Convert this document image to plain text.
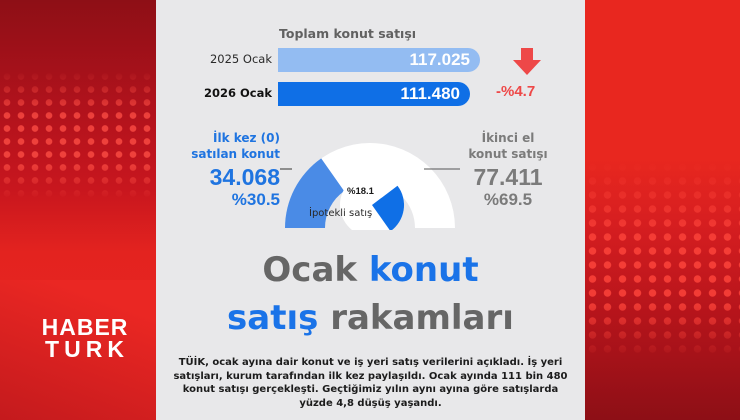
HABER
TURK
Toplam konut satışı
2025 Ocak	117.025
2026 Ocak	111.480	-%4.7
%18.1
İpotekli satış
İlk kez (0)
satılan konut
34.068
%30.5
İkinci el
konut satışı
77.411
%69.5
Ocak konut
satış rakamları
TÜİK, ocak ayına dair konut ve iş yeri satış verilerini açıkladı. İş yeri satışları, kurum tarafından ilk kez paylaşıldı. Ocak ayında 111 bin 480 konut satışı gerçekleşti. Geçtiğimiz yılın aynı ayına göre satışlarda yüzde 4,8 düşüş yaşandı.
